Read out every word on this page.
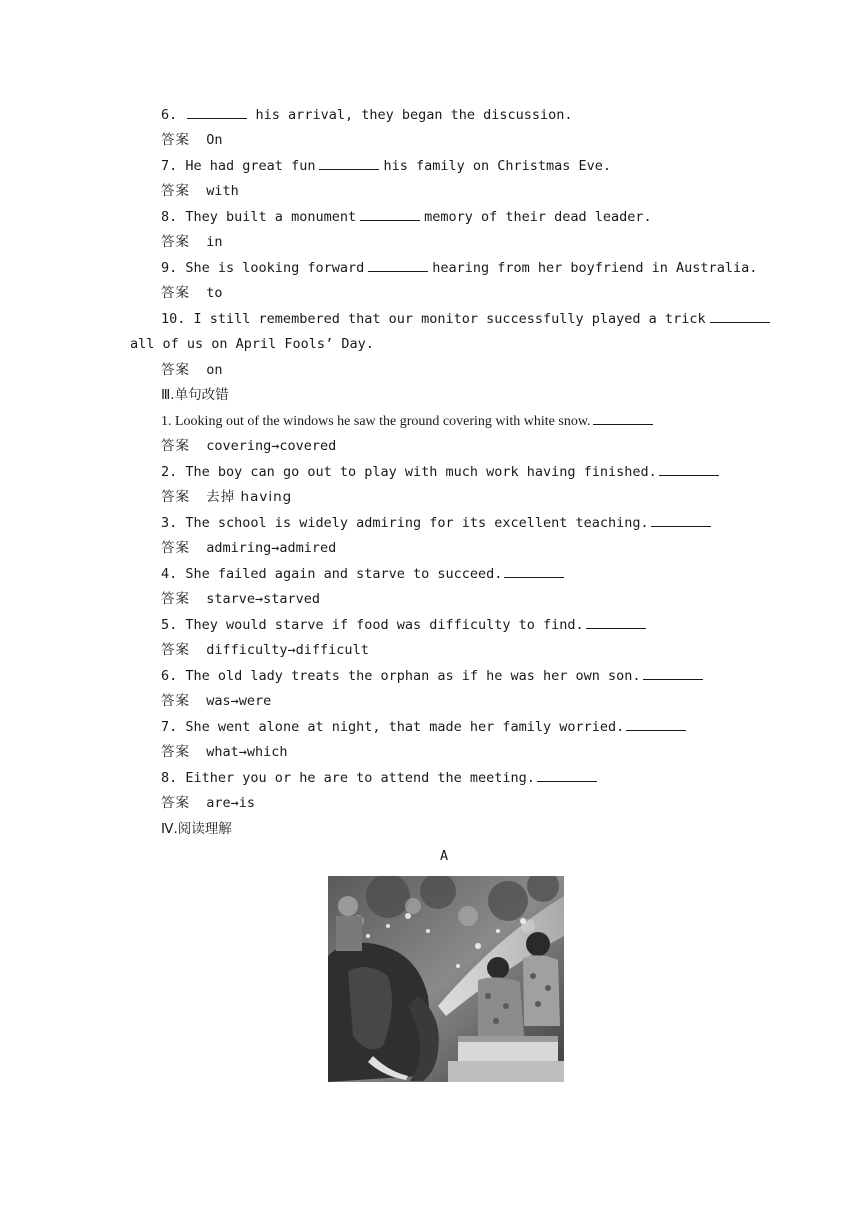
6.	his arrival, they began the discussion.
答案 On
7. He had great fun	his family on Christmas Eve.
答案 with
8. They built a monument	memory of their dead leader.
答案 in
9. She is looking forward	hearing from her boyfriend in Australia.
答案 to
10. I still remembered that our monitor successfully played a trick
all of us on April Fools’ Day.
答案 on
Ⅲ.单句改错
1. Looking out of the windows he saw the ground covering with white snow.
答案 covering→covered
2. The boy can go out to play with much work having finished.
答案 去掉 having
3. The school is widely admiring for its excellent teaching.
答案 admiring→admired
4. She failed again and starve to succeed.
答案 starve→starved
5. They would starve if food was difficulty to find.
答案 difficulty→difficult
6. The old lady treats the orphan as if he was her own son.
答案 was→were
7. She went alone at night, that made her family worried.
答案 what→which
8. Either you or he are to attend the meeting.
答案 are→is
Ⅳ.阅读理解
A
